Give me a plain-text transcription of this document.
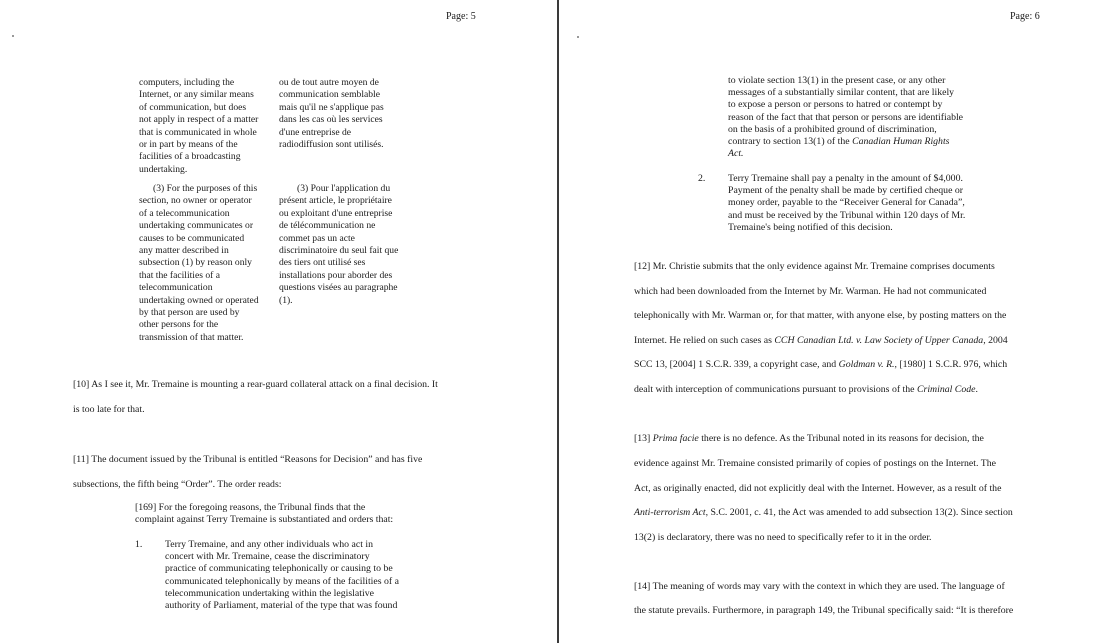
Page: 5
computers, including the
Internet, or any similar means
of communication, but does
not apply in respect of a matter
that is communicated in whole
or in part by means of the
facilities of a broadcasting
undertaking.
ou de tout autre moyen de
communication semblable
mais qu'il ne s'applique pas
dans les cas où les services
d'une entreprise de
radiodiffusion sont utilisés.
(3) For the purposes of this
section, no owner or operator
of a telecommunication
undertaking communicates or
causes to be communicated
any matter described in
subsection (1) by reason only
that the facilities of a
telecommunication
undertaking owned or operated
by that person are used by
other persons for the
transmission of that matter.
(3) Pour l'application du
présent article, le propriétaire
ou exploitant d'une entreprise
de télécommunication ne
commet pas un acte
discriminatoire du seul fait que
des tiers ont utilisé ses
installations pour aborder des
questions visées au paragraphe
(1).
[10] As I see it, Mr. Tremaine is mounting a rear-guard collateral attack on a final decision. It
is too late for that.
[11] The document issued by the Tribunal is entitled “Reasons for Decision” and has five
subsections, the fifth being “Order”. The order reads:
[169] For the foregoing reasons, the Tribunal finds that the
complaint against Terry Tremaine is substantiated and orders that:
1. Terry Tremaine, and any other individuals who act in
concert with Mr. Tremaine, cease the discriminatory
practice of communicating telephonically or causing to be
communicated telephonically by means of the facilities of a
telecommunication undertaking within the legislative
authority of Parliament, material of the type that was found
Page: 6
to violate section 13(1) in the present case, or any other
messages of a substantially similar content, that are likely
to expose a person or persons to hatred or contempt by
reason of the fact that that person or persons are identifiable
on the basis of a prohibited ground of discrimination,
contrary to section 13(1) of the Canadian Human Rights
Act.
2. Terry Tremaine shall pay a penalty in the amount of $4,000.
Payment of the penalty shall be made by certified cheque or
money order, payable to the “Receiver General for Canada”,
and must be received by the Tribunal within 120 days of Mr.
Tremaine's being notified of this decision.
[12] Mr. Christie submits that the only evidence against Mr. Tremaine comprises documents
which had been downloaded from the Internet by Mr. Warman. He had not communicated
telephonically with Mr. Warman or, for that matter, with anyone else, by posting matters on the
Internet. He relied on such cases as CCH Canadian Ltd. v. Law Society of Upper Canada, 2004
SCC 13, [2004] 1 S.C.R. 339, a copyright case, and Goldman v. R., [1980] 1 S.C.R. 976, which
dealt with interception of communications pursuant to provisions of the Criminal Code.
[13] Prima facie there is no defence. As the Tribunal noted in its reasons for decision, the
evidence against Mr. Tremaine consisted primarily of copies of postings on the Internet. The
Act, as originally enacted, did not explicitly deal with the Internet. However, as a result of the
Anti-terrorism Act, S.C. 2001, c. 41, the Act was amended to add subsection 13(2). Since section
13(2) is declaratory, there was no need to specifically refer to it in the order.
[14] The meaning of words may vary with the context in which they are used. The language of
the statute prevails. Furthermore, in paragraph 149, the Tribunal specifically said: “It is therefore
